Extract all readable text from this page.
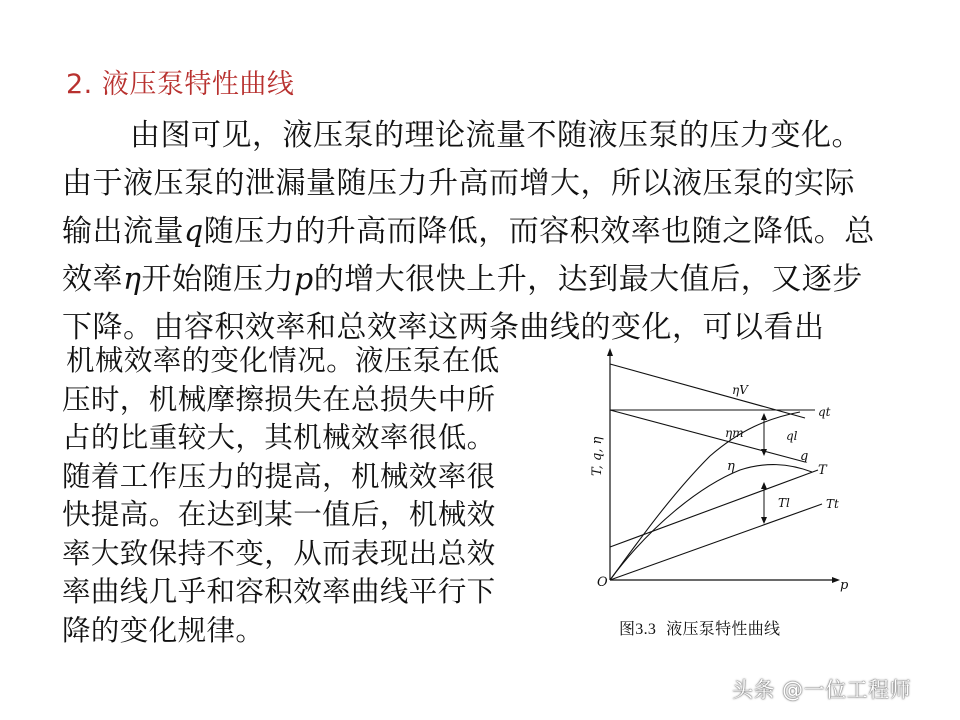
2. 液压泵特性曲线
由图可见，液压泵的理论流量不随液压泵的压力变化。
由于液压泵的泄漏量随压力升高而增大，所以液压泵的实际
输出流量q随压力的升高而降低，而容积效率也随之降低。总
效率η开始随压力p的增大很快上升，达到最大值后，又逐步
下降。由容积效率和总效率这两条曲线的变化，可以看出
机械效率的变化情况。液压泵在低
压时，机械摩擦损失在总损失中所
占的比重较大，其机械效率很低。
随着工作压力的提高，机械效率很
快提高。在达到某一值后，机械效
率大致保持不变，从而表现出总效
率曲线几乎和容积效率曲线平行下
降的变化规律。
T, q, η
p
O
ηV
qt
ηm	ql
q
η	T
Tl	Tt
图3.3 液压泵特性曲线
头条 @一位工程师
